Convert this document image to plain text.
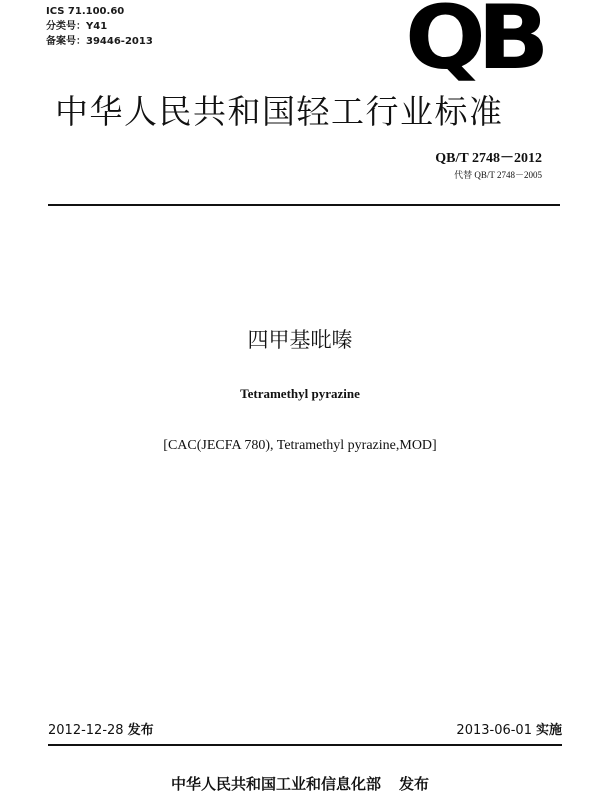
ICS 71.100.60
分类号：Y41
备案号：39446-2013	QB
中华人民共和国轻工行业标准
QB/T 2748－2012
代替 QB/T 2748－2005
四甲基吡嗪
Tetramethyl pyrazine
[CAC(JECFA 780), Tetramethyl pyrazine,MOD]
2012-12-28 发布	2013-06-01 实施
中华人民共和国工业和信息化部 发布
